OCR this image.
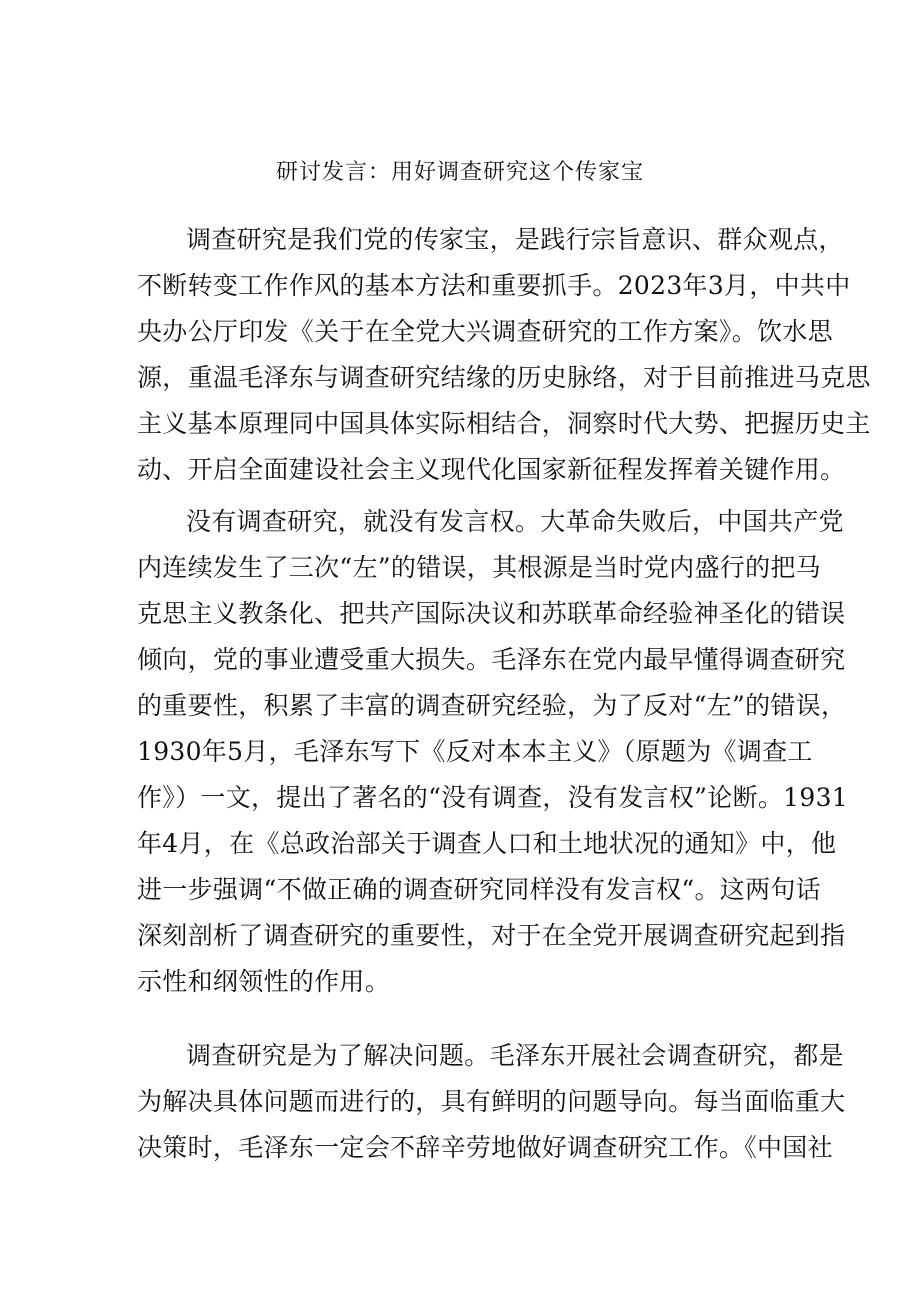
研讨发言：用好调查研究这个传家宝
调查研究是我们党的传家宝，是践行宗旨意识、群众观点，
不断转变工作作风的基本方法和重要抓手。2023年3月，中共中
央办公厅印发《关于在全党大兴调查研究的工作方案》。饮水思
源，重温毛泽东与调查研究结缘的历史脉络，对于目前推进马克思
主义基本原理同中国具体实际相结合，洞察时代大势、把握历史主
动、开启全面建设社会主义现代化国家新征程发挥着关键作用。
没有调查研究，就没有发言权。大革命失败后，中国共产党
内连续发生了三次“左”的错误，其根源是当时党内盛行的把马
克思主义教条化、把共产国际决议和苏联革命经验神圣化的错误
倾向，党的事业遭受重大损失。毛泽东在党内最早懂得调查研究
的重要性，积累了丰富的调查研究经验，为了反对“左”的错误，
1930年5月，毛泽东写下《反对本本主义》（原题为《调查工
作》）一文，提出了著名的“没有调查，没有发言权”论断。1931
年4月，在《总政治部关于调查人口和土地状况的通知》中，他
进一步强调“不做正确的调查研究同样没有发言权“。这两句话
深刻剖析了调查研究的重要性，对于在全党开展调查研究起到指
示性和纲领性的作用。
调查研究是为了解决问题。毛泽东开展社会调查研究，都是
为解决具体问题而进行的，具有鲜明的问题导向。每当面临重大
决策时，毛泽东一定会不辞辛劳地做好调查研究工作。《中国社
